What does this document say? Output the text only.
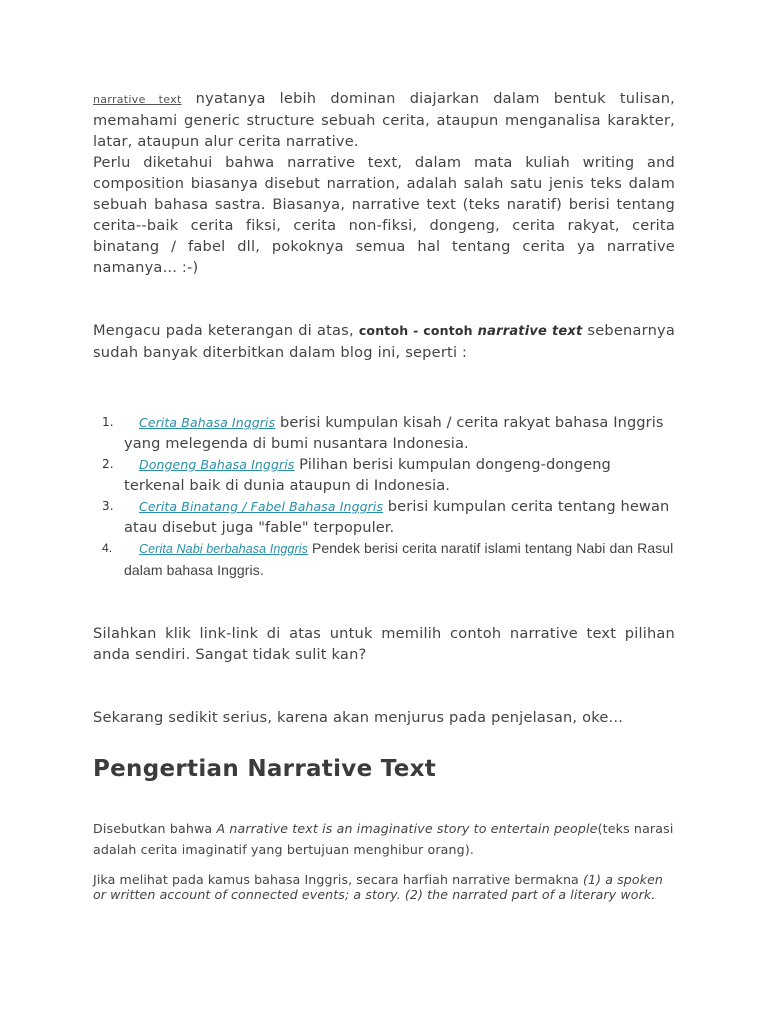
narrative text nyatanya lebih dominan diajarkan dalam bentuk tulisan, memahami generic structure sebuah cerita, ataupun menganalisa karakter, latar, ataupun alur cerita narrative.

Perlu diketahui bahwa narrative text, dalam mata kuliah writing and composition biasanya disebut narration, adalah salah satu jenis teks dalam sebuah bahasa sastra. Biasanya, narrative text (teks naratif) berisi tentang cerita--baik cerita fiksi, cerita non-fiksi, dongeng, cerita rakyat, cerita binatang / fabel dll, pokoknya semua hal tentang cerita ya narrative namanya... :-)

Mengacu pada keterangan di atas, contoh - contoh narrative text sebenarnya sudah banyak diterbitkan dalam blog ini, seperti :

1. Cerita Bahasa Inggris berisi kumpulan kisah / cerita rakyat bahasa Inggris yang melegenda di bumi nusantara Indonesia.
2. Dongeng Bahasa Inggris Pilihan berisi kumpulan dongeng-dongeng terkenal baik di dunia ataupun di Indonesia.
3. Cerita Binatang / Fabel Bahasa Inggris berisi kumpulan cerita tentang hewan atau disebut juga "fable" terpopuler.
4. Cerita Nabi berbahasa Inggris Pendek berisi cerita naratif islami tentang Nabi dan Rasul dalam bahasa Inggris.

Silahkan klik link-link di atas untuk memilih contoh narrative text pilihan anda sendiri. Sangat tidak sulit kan?

Sekarang sedikit serius, karena akan menjurus pada penjelasan, oke...

Pengertian Narrative Text

Disebutkan bahwa A narrative text is an imaginative story to entertain people(teks narasi adalah cerita imaginatif yang bertujuan menghibur orang).

Jika melihat pada kamus bahasa Inggris, secara harfiah narrative bermakna (1) a spoken or written account of connected events; a story. (2) the narrated part of a literary work.
